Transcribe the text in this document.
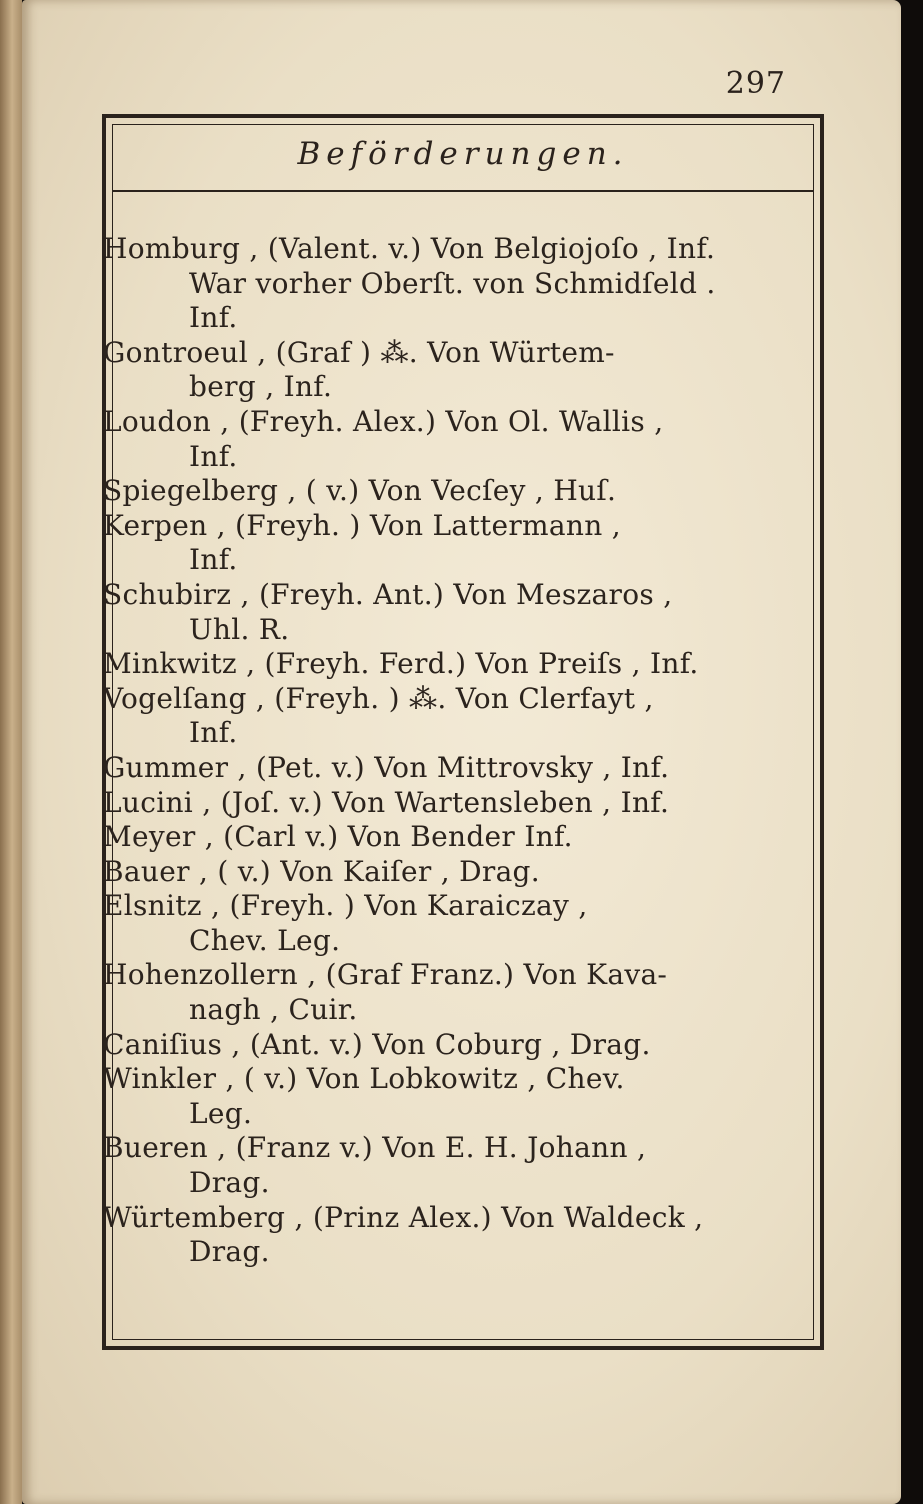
297
Beförderungen.
Homburg , (Valent. v.) Von Belgiojoſo , Inf.
War vorher Oberſt. von Schmidſeld .
Inf.
Gontroeul , (Graf ) ⁂. Von Würtem-
berg , Inf.
Loudon , (Freyh. Alex.) Von Ol. Wallis ,
Inf.
Spiegelberg , ( v.) Von Vecſey , Huſ.
Kerpen , (Freyh. ) Von Lattermann ,
Inf.
Schubirz , (Freyh. Ant.) Von Meszaros ,
Uhl. R.
Minkwitz , (Freyh. Ferd.) Von Preiſs , Inf.
Vogelſang , (Freyh. ) ⁂. Von Clerfayt ,
Inf.
Gummer , (Pet. v.) Von Mittrovsky , Inf.
Lucini , (Joſ. v.) Von Wartensleben , Inf.
Meyer , (Carl v.) Von Bender Inf.
Bauer , ( v.) Von Kaiſer , Drag.
Elsnitz , (Freyh. ) Von Karaiczay ,
Chev. Leg.
Hohenzollern , (Graf Franz.) Von Kava-
nagh , Cuir.
Caniſius , (Ant. v.) Von Coburg , Drag.
Winkler , ( v.) Von Lobkowitz , Chev.
Leg.
Bueren , (Franz v.) Von E. H. Johann ,
Drag.
Würtemberg , (Prinz Alex.) Von Waldeck ,
Drag.
